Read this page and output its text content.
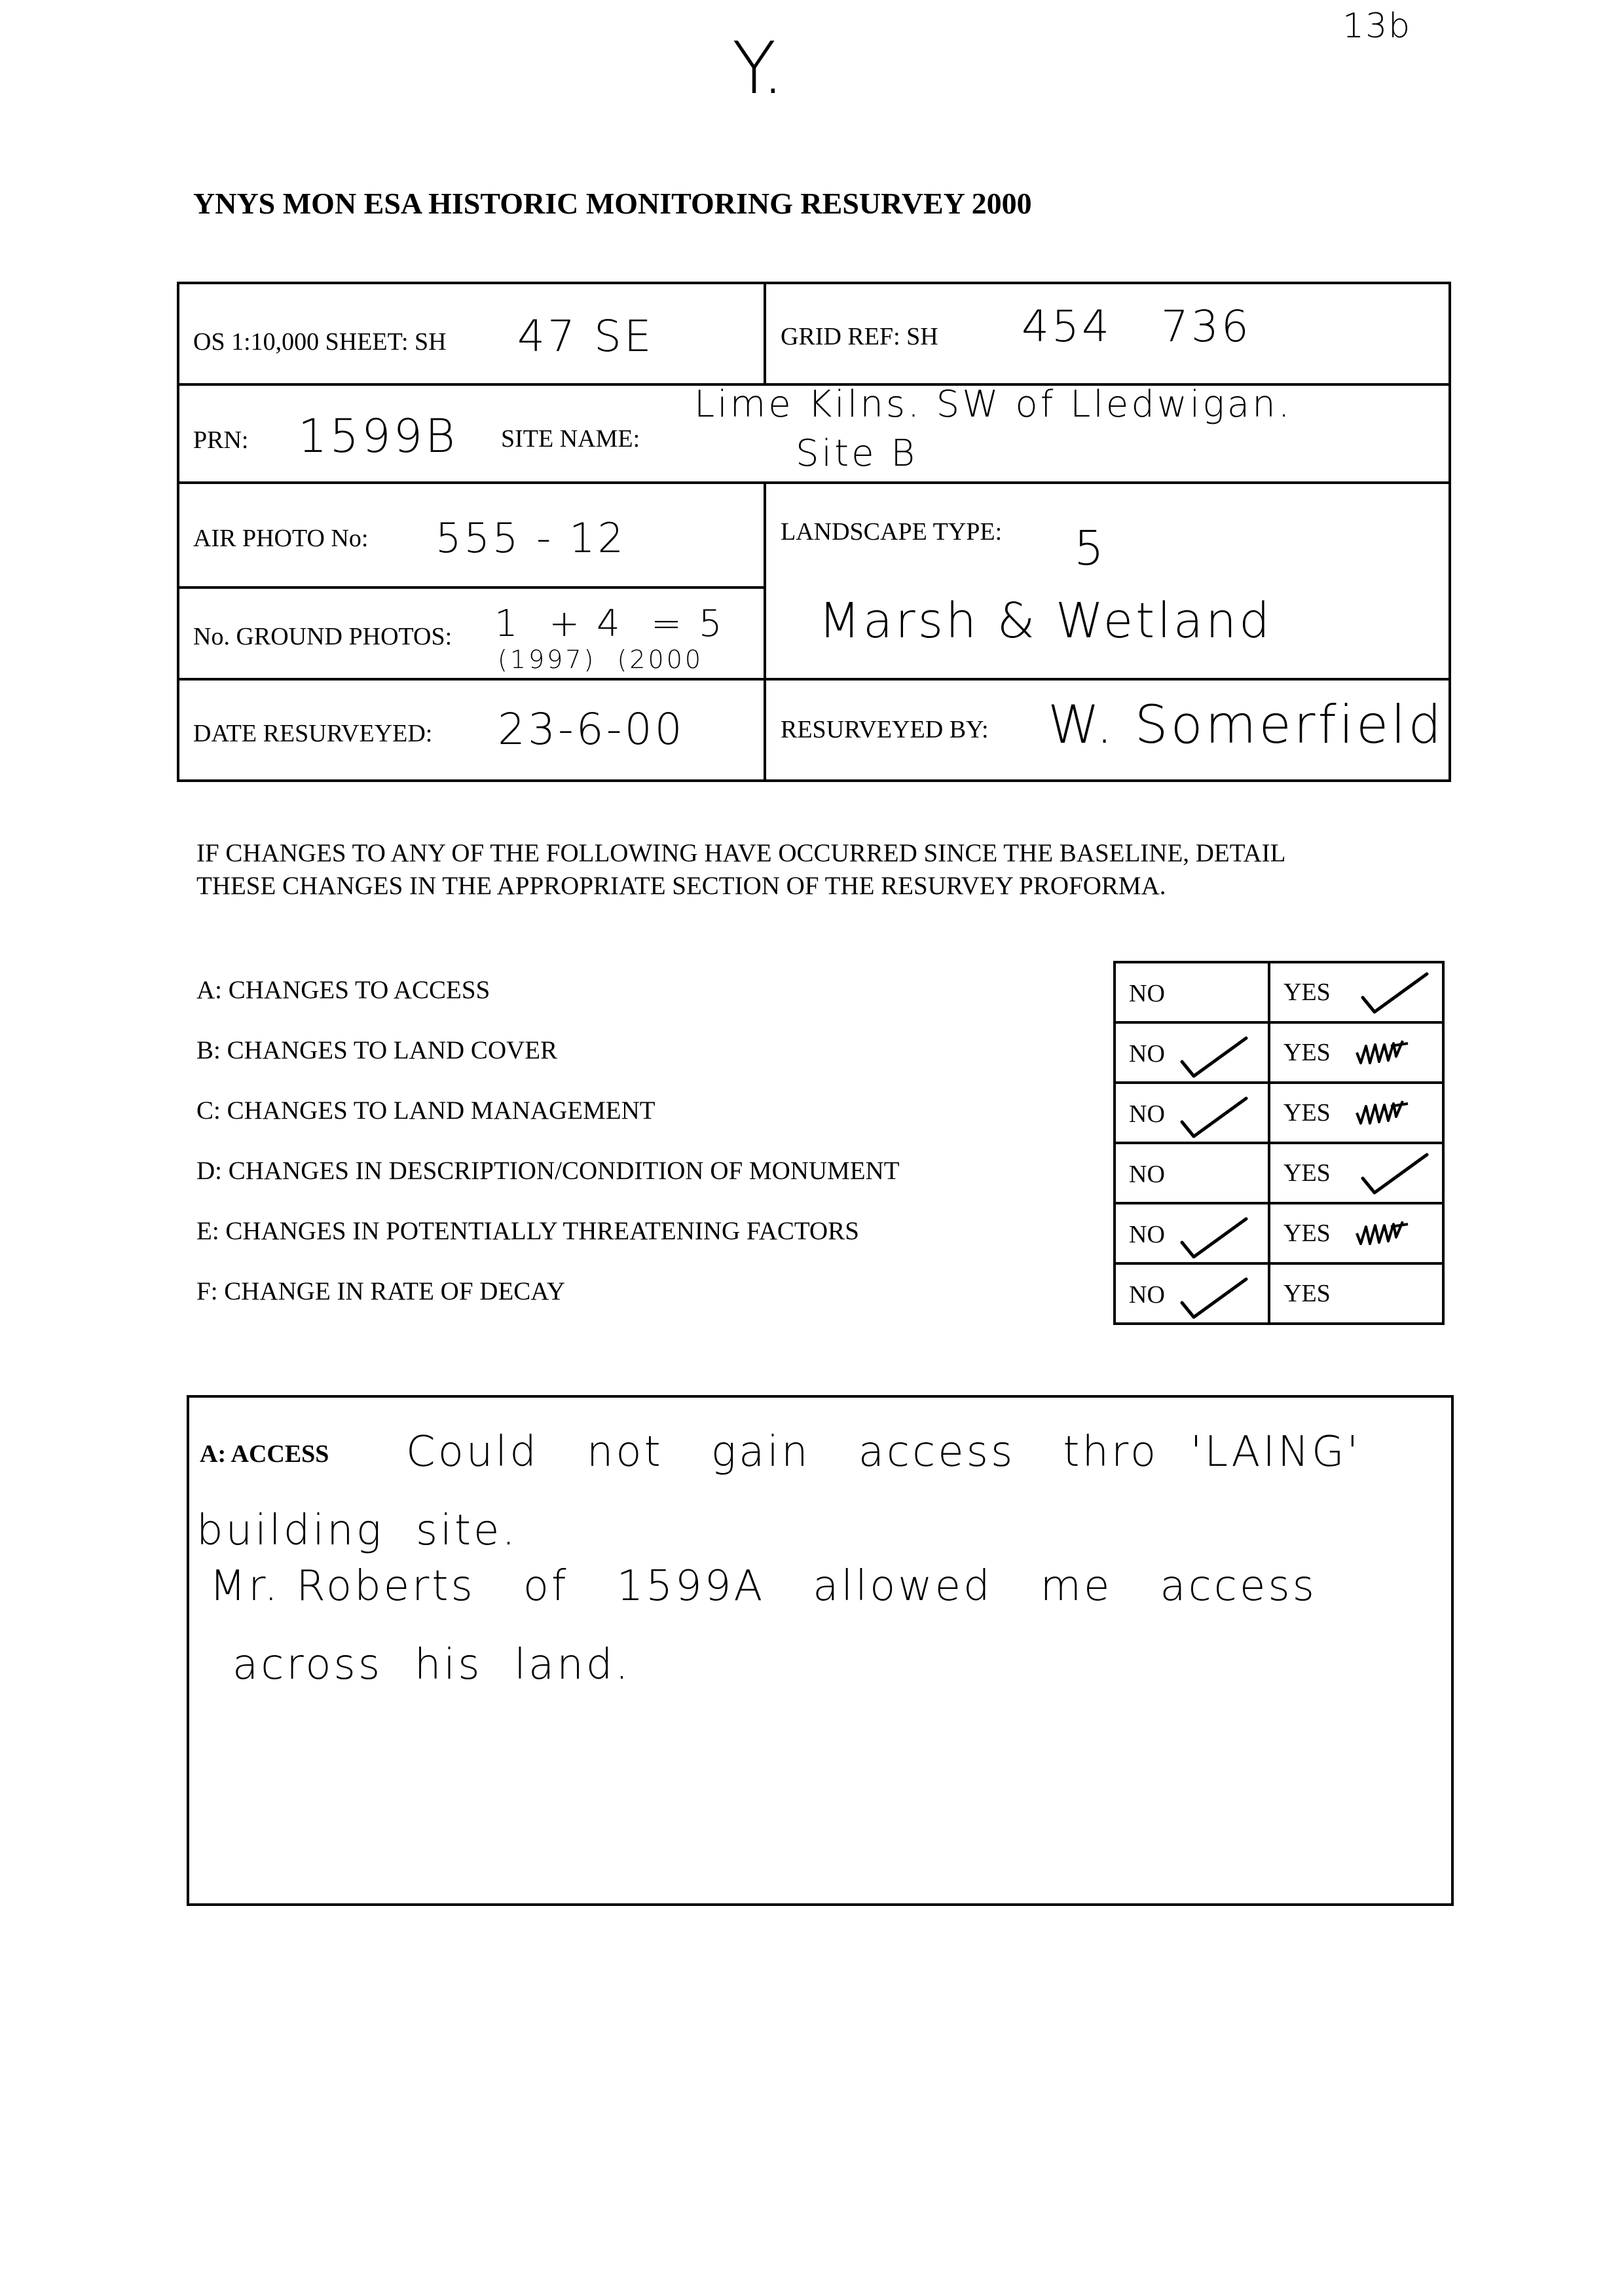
Y.	13b
YNYS MON ESA HISTORIC MONITORING RESURVEY 2000
OS 1:10,000 SHEET: SH 47 SE	GRID REF: SH 454   736
PRN: 1599B SITE NAME:
Lime Kilns. SW of Lledwigan.
Site B
AIR PHOTO No: 555 - 12	LANDSCAPE TYPE: 5
Marsh & Wetland
No. GROUND PHOTOS: 1  + 4  = 5
(1997)  (2000
DATE RESURVEYED: 23-6-00	RESURVEYED BY: W. Somerfield
IF CHANGES TO ANY OF THE FOLLOWING HAVE OCCURRED SINCE THE BASELINE, DETAIL
THESE CHANGES IN THE APPROPRIATE SECTION OF THE RESURVEY PROFORMA.
A: CHANGES TO ACCESS	NO	YES
B: CHANGES TO LAND COVER	NO	YES
C: CHANGES TO LAND MANAGEMENT	NO	YES
D: CHANGES IN DESCRIPTION/CONDITION OF MONUMENT	NO	YES
E: CHANGES IN POTENTIALLY THREATENING FACTORS	NO	YES
F: CHANGE IN RATE OF DECAY	NO	YES
A: ACCESS Could   not   gain   access   thro  'LAING'
building  site.
Mr. Roberts   of   1599A   allowed   me   access
across  his  land.
